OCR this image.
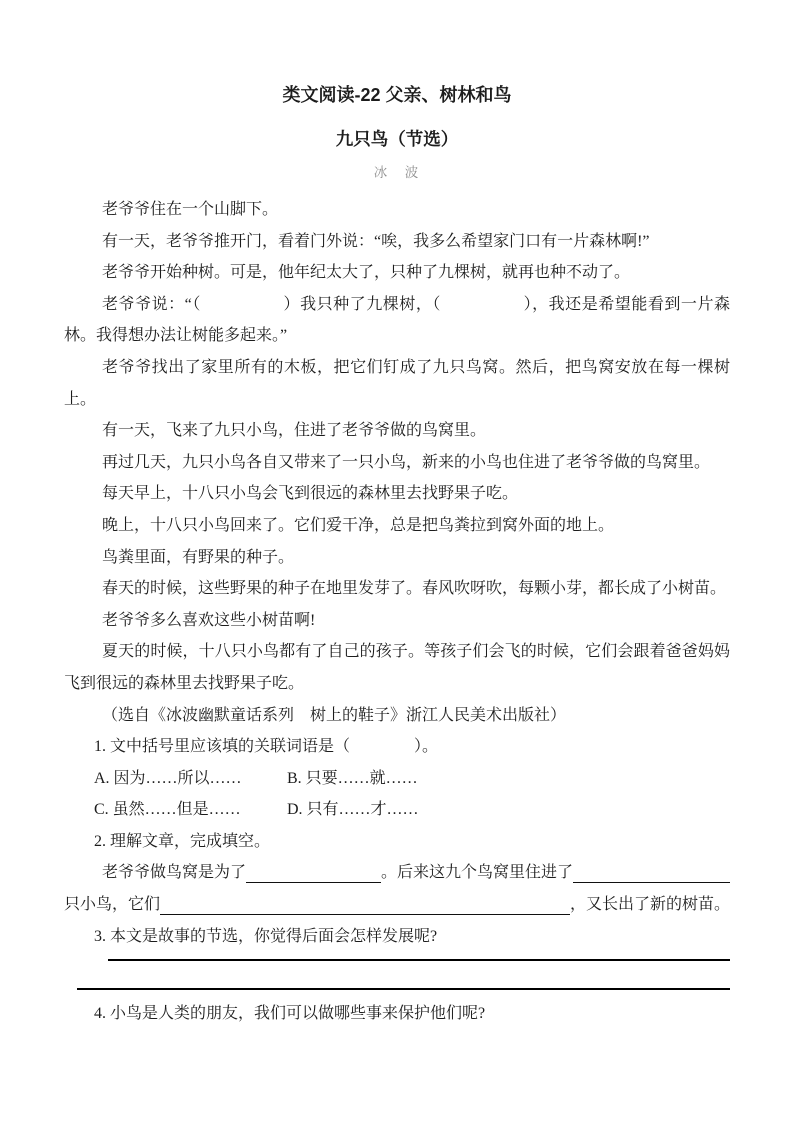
类文阅读-22 父亲、树林和鸟
九只鸟（节选）
冰　波

老爷爷住在一个山脚下。

有一天，老爷爷推开门，看着门外说：“唉，我多么希望家门口有一片森林啊!”

老爷爷开始种树。可是，他年纪太大了，只种了九棵树，就再也种不动了。

老爷爷说：“（　　　　　）我只种了九棵树，（　　　　　），我还是希望能看到一片森林。我得想办法让树能多起来。”

老爷爷找出了家里所有的木板，把它们钉成了九只鸟窝。然后，把鸟窝安放在每一棵树上。

有一天，飞来了九只小鸟，住进了老爷爷做的鸟窝里。

再过几天，九只小鸟各自又带来了一只小鸟，新来的小鸟也住进了老爷爷做的鸟窝里。

每天早上，十八只小鸟会飞到很远的森林里去找野果子吃。

晚上，十八只小鸟回来了。它们爱干净，总是把鸟粪拉到窝外面的地上。

鸟粪里面，有野果的种子。

春天的时候，这些野果的种子在地里发芽了。春风吹呀吹，每颗小芽，都长成了小树苗。

老爷爷多么喜欢这些小树苗啊!

夏天的时候，十八只小鸟都有了自己的孩子。等孩子们会飞的时候，它们会跟着爸爸妈妈飞到很远的森林里去找野果子吃。

（选自《冰波幽默童话系列　树上的鞋子》浙江人民美术出版社）

1. 文中括号里应该填的关联词语是（　　　　）。

A. 因为……所以……	B. 只要……就……
C. 虽然……但是……	D. 只有……才……

2. 理解文章，完成填空。

老爷爷做鸟窝是为了	。后来这九个鸟窝里住进了
只小鸟，它们	，又长出了新的树苗。

3. 本文是故事的节选，你觉得后面会怎样发展呢?

4. 小鸟是人类的朋友，我们可以做哪些事来保护他们呢?
